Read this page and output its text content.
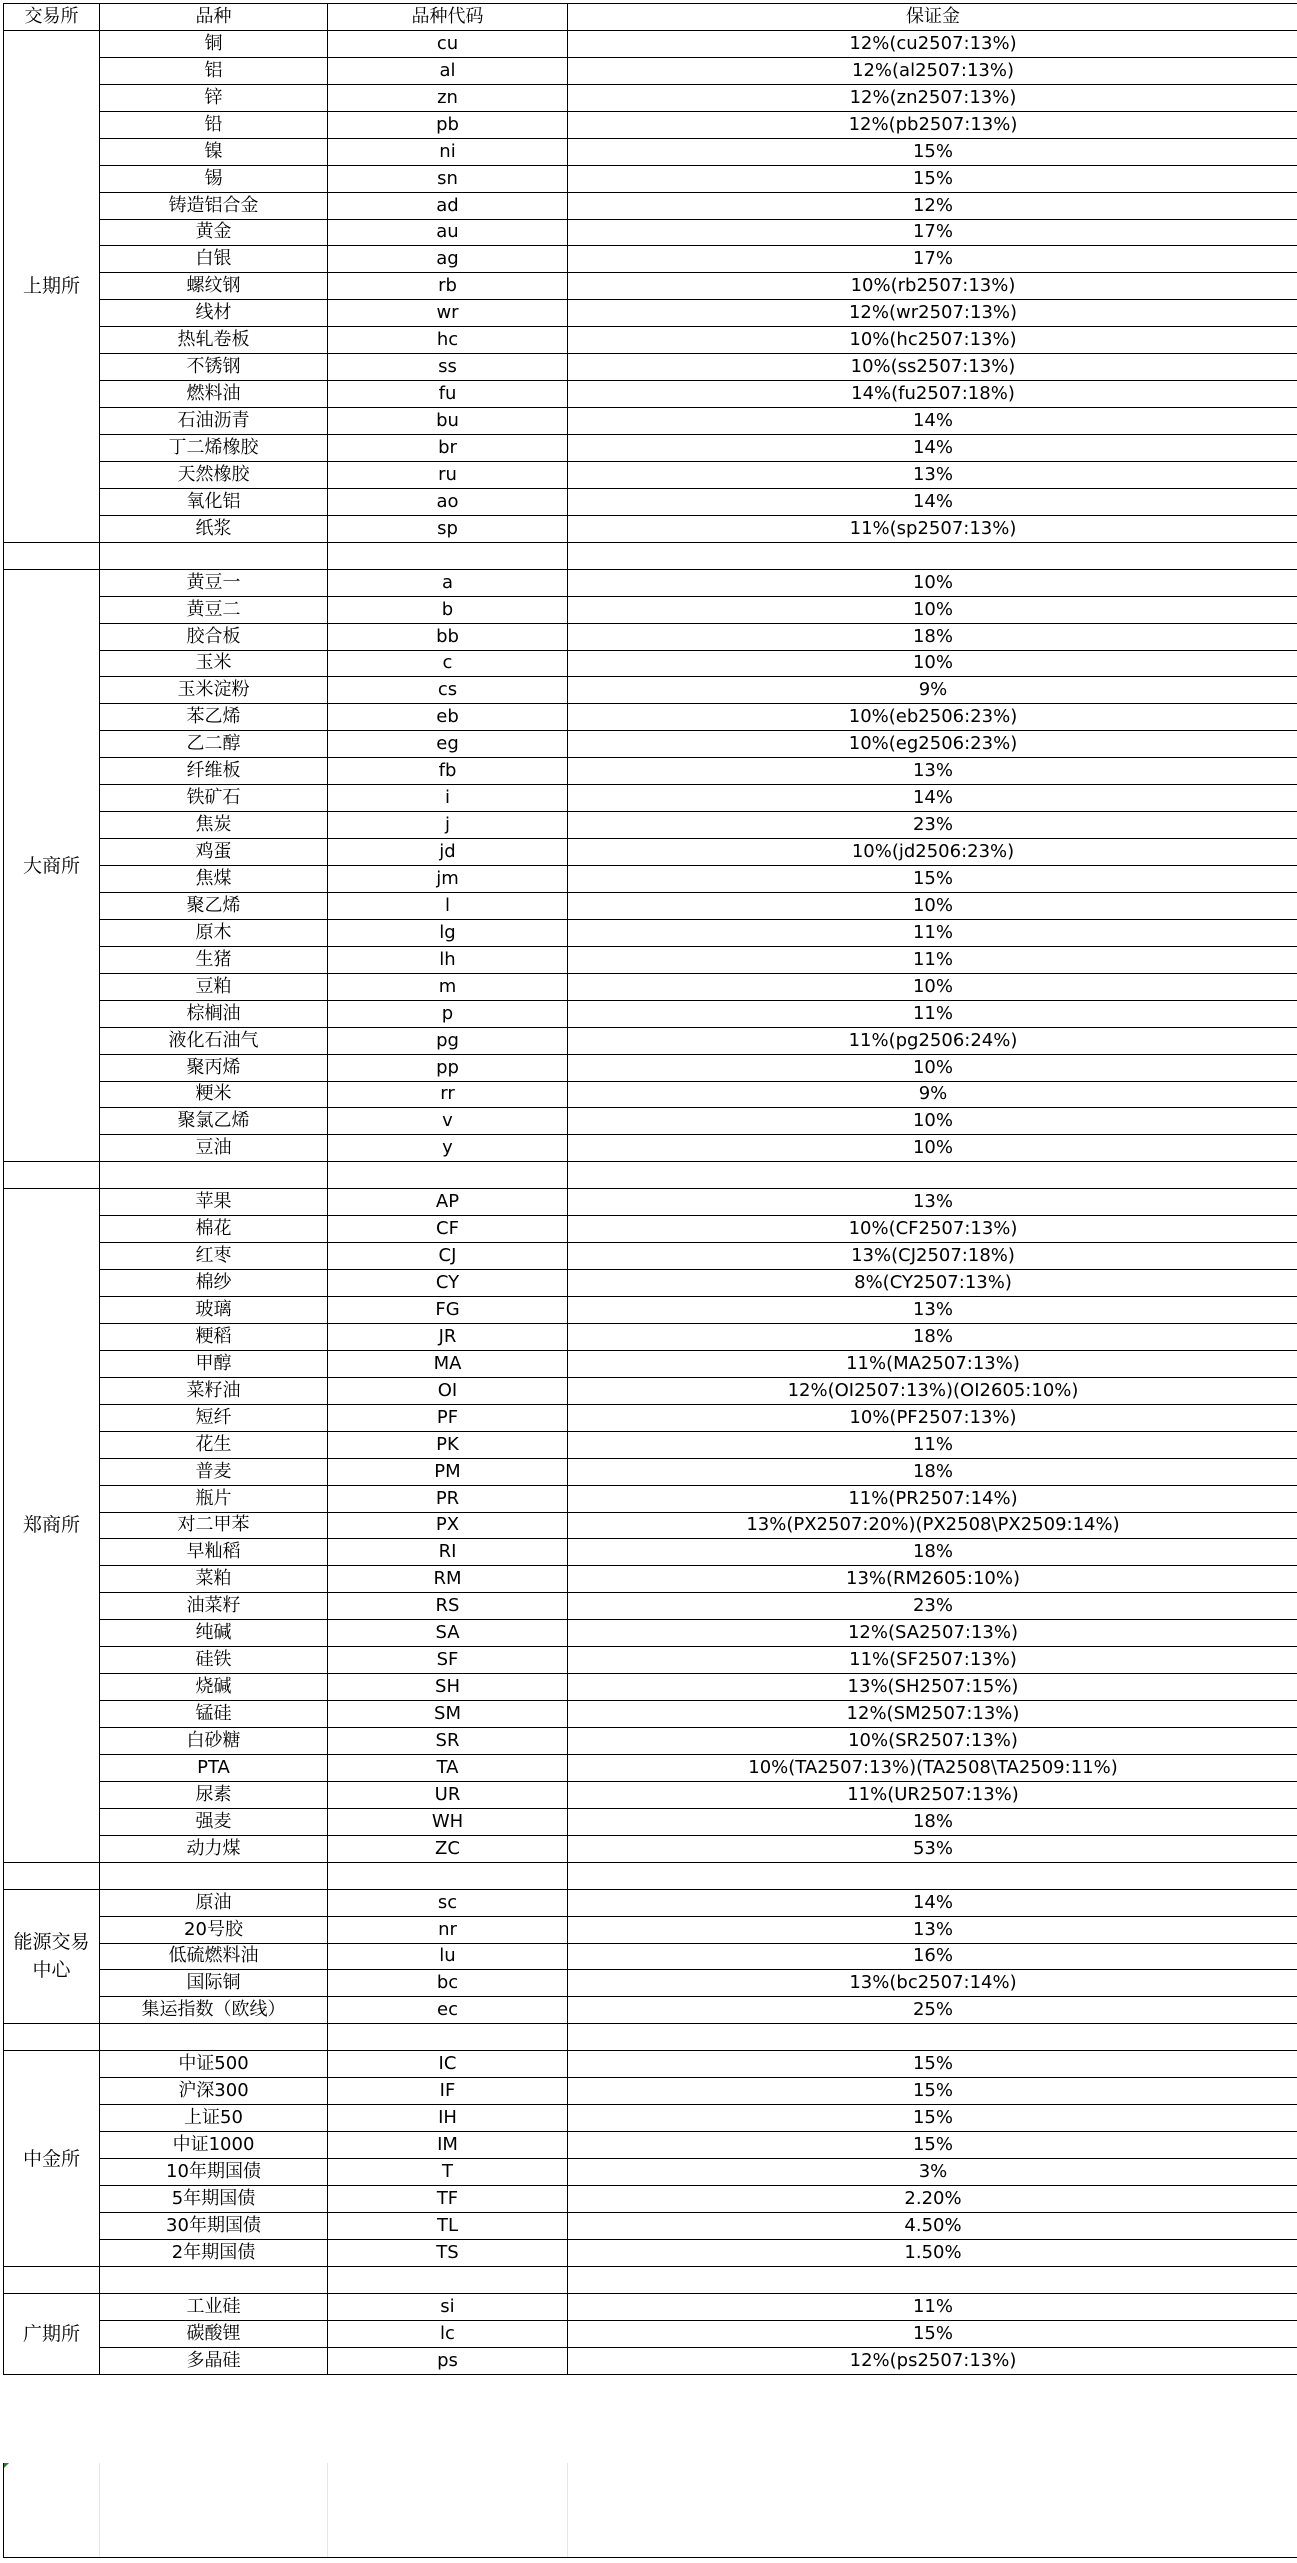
交易所	品种	品种代码	保证金
上期所	铜	cu	12%(cu2507:13%)
	铝	al	12%(al2507:13%)
	锌	zn	12%(zn2507:13%)
	铅	pb	12%(pb2507:13%)
	镍	ni	15%
	锡	sn	15%
	铸造铝合金	ad	12%
	黄金	au	17%
	白银	ag	17%
	螺纹钢	rb	10%(rb2507:13%)
	线材	wr	12%(wr2507:13%)
	热轧卷板	hc	10%(hc2507:13%)
	不锈钢	ss	10%(ss2507:13%)
	燃料油	fu	14%(fu2507:18%)
	石油沥青	bu	14%
	丁二烯橡胶	br	14%
	天然橡胶	ru	13%
	氧化铝	ao	14%
	纸浆	sp	11%(sp2507:13%)

大商所	黄豆一	a	10%
	黄豆二	b	10%
	胶合板	bb	18%
	玉米	c	10%
	玉米淀粉	cs	9%
	苯乙烯	eb	10%(eb2506:23%)
	乙二醇	eg	10%(eg2506:23%)
	纤维板	fb	13%
	铁矿石	i	14%
	焦炭	j	23%
	鸡蛋	jd	10%(jd2506:23%)
	焦煤	jm	15%
	聚乙烯	l	10%
	原木	lg	11%
	生猪	lh	11%
	豆粕	m	10%
	棕榈油	p	11%
	液化石油气	pg	11%(pg2506:24%)
	聚丙烯	pp	10%
	粳米	rr	9%
	聚氯乙烯	v	10%
	豆油	y	10%

郑商所	苹果	AP	13%
	棉花	CF	10%(CF2507:13%)
	红枣	CJ	13%(CJ2507:18%)
	棉纱	CY	8%(CY2507:13%)
	玻璃	FG	13%
	粳稻	JR	18%
	甲醇	MA	11%(MA2507:13%)
	菜籽油	OI	12%(OI2507:13%)(OI2605:10%)
	短纤	PF	10%(PF2507:13%)
	花生	PK	11%
	普麦	PM	18%
	瓶片	PR	11%(PR2507:14%)
	对二甲苯	PX	13%(PX2507:20%)(PX2508\PX2509:14%)
	早籼稻	RI	18%
	菜粕	RM	13%(RM2605:10%)
	油菜籽	RS	23%
	纯碱	SA	12%(SA2507:13%)
	硅铁	SF	11%(SF2507:13%)
	烧碱	SH	13%(SH2507:15%)
	锰硅	SM	12%(SM2507:13%)
	白砂糖	SR	10%(SR2507:13%)
	PTA	TA	10%(TA2507:13%)(TA2508\TA2509:11%)
	尿素	UR	11%(UR2507:13%)
	强麦	WH	18%
	动力煤	ZC	53%

能源交易中心	原油	sc	14%
	20号胶	nr	13%
	低硫燃料油	lu	16%
	国际铜	bc	13%(bc2507:14%)
	集运指数（欧线）	ec	25%

中金所	中证500	IC	15%
	沪深300	IF	15%
	上证50	IH	15%
	中证1000	IM	15%
	10年期国债	T	3%
	5年期国债	TF	2.20%
	30年期国债	TL	4.50%
	2年期国债	TS	1.50%

广期所	工业硅	si	11%
	碳酸锂	lc	15%
	多晶硅	ps	12%(ps2507:13%)
